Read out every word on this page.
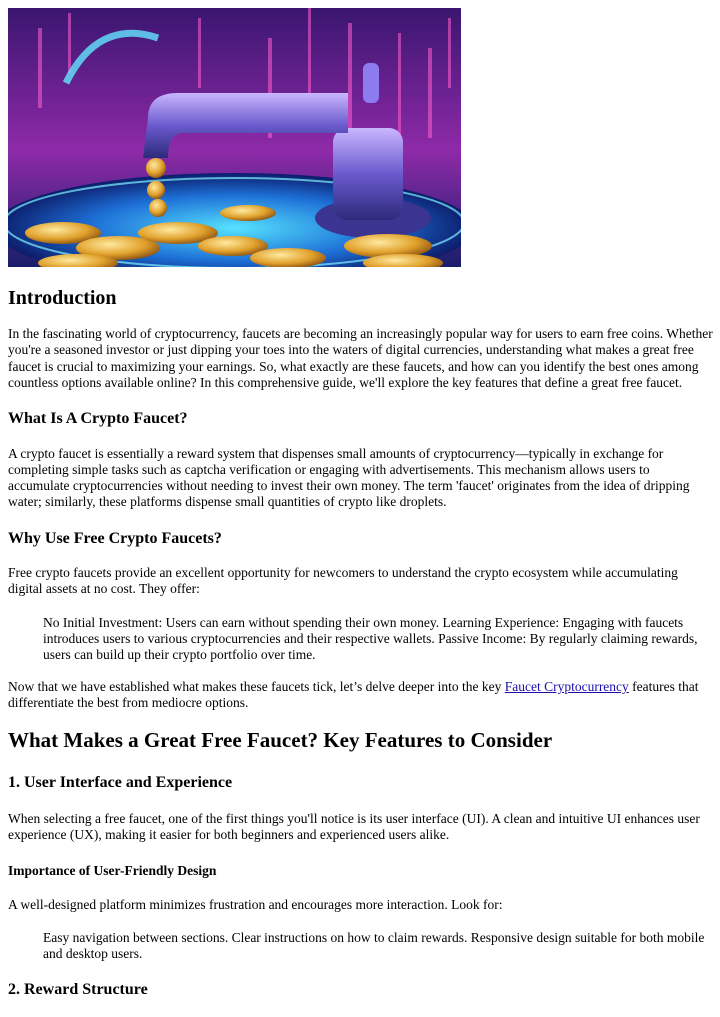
Introduction

In the fascinating world of cryptocurrency, faucets are becoming an increasingly popular way for users to earn free coins. Whether you're a seasoned investor or just dipping your toes into the waters of digital currencies, understanding what makes a great free faucet is crucial to maximizing your earnings. So, what exactly are these faucets, and how can you identify the best ones among countless options available online? In this comprehensive guide, we'll explore the key features that define a great free faucet.

What Is A Crypto Faucet?

A crypto faucet is essentially a reward system that dispenses small amounts of cryptocurrency—typically in exchange for completing simple tasks such as captcha verification or engaging with advertisements. This mechanism allows users to accumulate cryptocurrencies without needing to invest their own money. The term 'faucet' originates from the idea of dripping water; similarly, these platforms dispense small quantities of crypto like droplets.

Why Use Free Crypto Faucets?

Free crypto faucets provide an excellent opportunity for newcomers to understand the crypto ecosystem while accumulating digital assets at no cost. They offer:

No Initial Investment: Users can earn without spending their own money. Learning Experience: Engaging with faucets introduces users to various cryptocurrencies and their respective wallets. Passive Income: By regularly claiming rewards, users can build up their crypto portfolio over time.

Now that we have established what makes these faucets tick, let’s delve deeper into the key Faucet Cryptocurrency features that differentiate the best from mediocre options.

What Makes a Great Free Faucet? Key Features to Consider
1. User Interface and Experience

When selecting a free faucet, one of the first things you'll notice is its user interface (UI). A clean and intuitive UI enhances user experience (UX), making it easier for both beginners and experienced users alike.

Importance of User-Friendly Design

A well-designed platform minimizes frustration and encourages more interaction. Look for:

Easy navigation between sections. Clear instructions on how to claim rewards. Responsive design suitable for both mobile and desktop users.

2. Reward Structure
